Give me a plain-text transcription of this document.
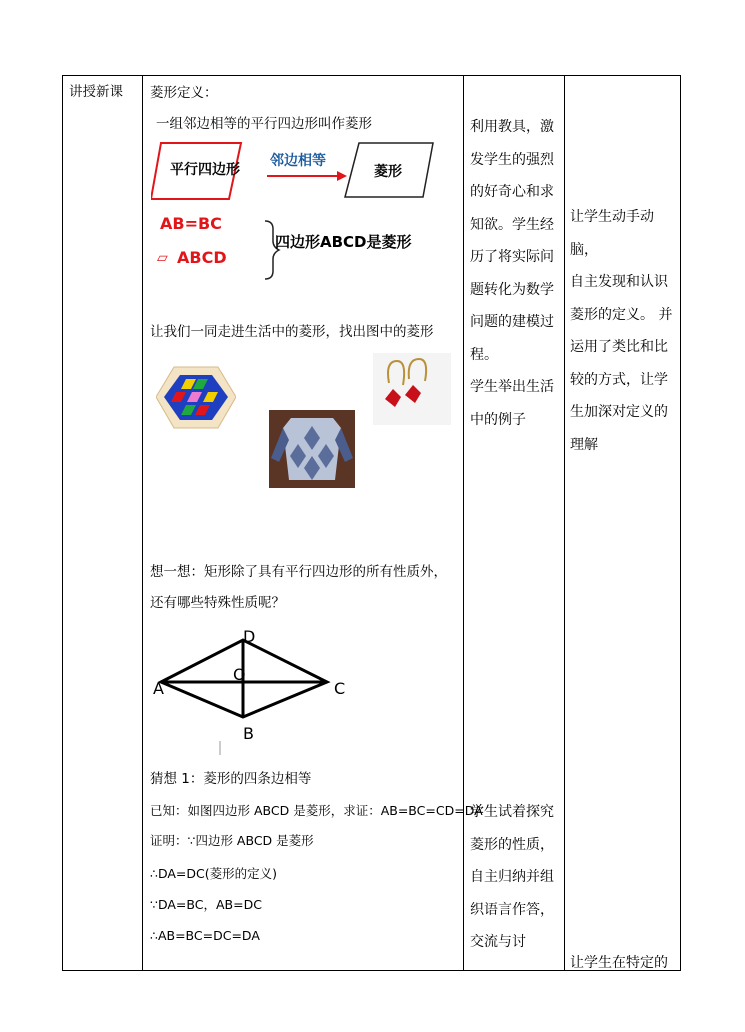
讲授新课 菱形定义：
一组邻边相等的平行四边形叫作菱形
平行四边形
邻边相等
菱形
AB=BC
▱ ABCD
四边形ABCD是菱形
让我们一同走进生活中的菱形，找出图中的菱形
想一想：矩形除了具有平行四边形的所有性质外，
还有哪些特殊性质呢？
D
O
A	C
B
猜想 1：菱形的四条边相等
已知：如图四边形 ABCD 是菱形，求证：AB=BC=CD=DA
证明：∵四边形 ABCD 是菱形
∴DA=DC(菱形的定义)
∵DA=BC，AB=DC
∴AB=BC=DC=DA
利用教具，激
发学生的强烈
的好奇心和求
知欲。学生经
历了将实际问
题转化为数学
问题的建模过
程。
学生举出生活
中的例子
学生试着探究
菱形的性质，
自主归纳并组
织语言作答，
交流与讨
让学生动手动脑，
自主发现和认识
菱形的定义。 并
运用了类比和比
较的方式，让学
生加深对定义的
理解
让学生在特定的
